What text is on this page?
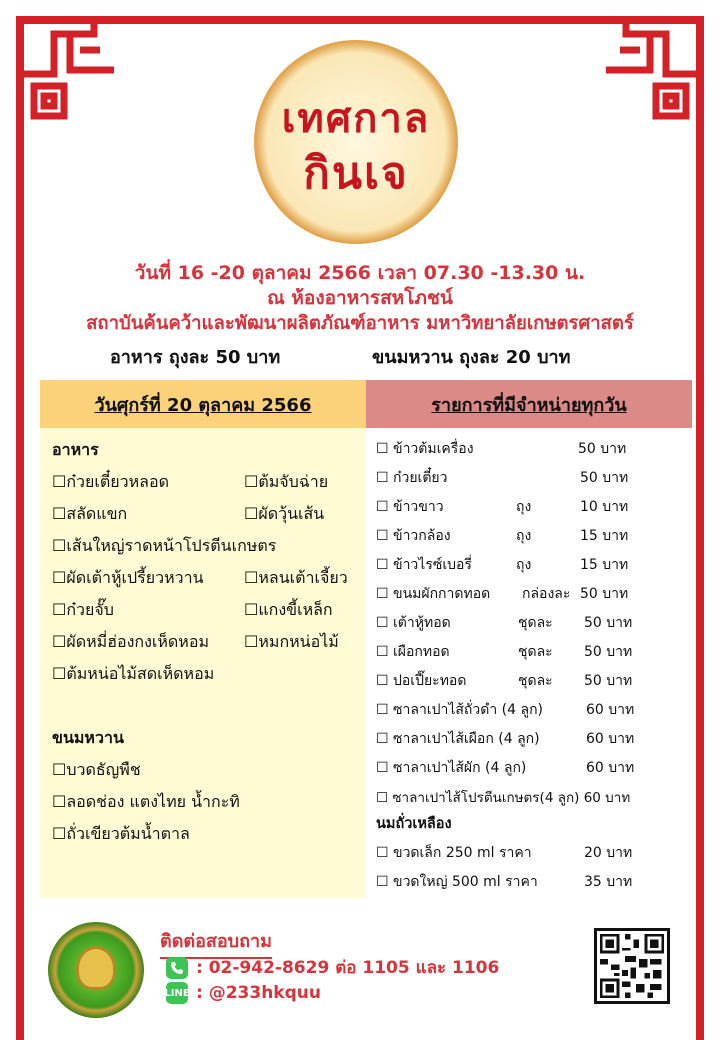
เทศกาล
กินเจ
วันที่ 16 -20 ตุลาคม 2566 เวลา 07.30 -13.30 น.
ณ ห้องอาหารสหโภชน์
สถาบันค้นคว้าและพัฒนาผลิตภัณฑ์อาหาร มหาวิทยาลัยเกษตรศาสตร์
อาหาร ถุงละ 50 บาท	ขนมหวาน ถุงละ 20 บาท
วันศุกร์ที่ 20 ตุลาคม 2566	รายการที่มีจำหน่ายทุกวัน
อาหาร
☐ก๋วยเตี๋ยวหลอด	☐ต้มจับฉ่าย
☐สลัดแขก	☐ผัดวุ้นเส้น
☐เส้นใหญ่ราดหน้าโปรตีนเกษตร
☐ผัดเต้าหู้เปรี้ยวหวาน	☐หลนเต้าเจี้ยว
☐ก๋วยจั๊บ	☐แกงขี้เหล็ก
☐ผัดหมี่ฮ่องกงเห็ดหอม ☐หมกหน่อไม้
☐ต้มหน่อไม้สดเห็ดหอม
ขนมหวาน
☐บวดธัญพืช
☐ลอดช่อง แตงไทย น้ำกะทิ
☐ถั่วเขียวต้มน้ำตาล
☐ ข้าวต้มเครื่อง	50 บาท
☐ ก๋วยเตี๋ยว	50 บาท
☐ ข้าวขาว	ถุง	10 บาท
☐ ข้าวกล้อง	ถุง	15 บาท
☐ ข้าวไรซ์เบอรี่	ถุง	15 บาท
☐ ขนมผักกาดทอด กล่องละ 50 บาท
☐ เต้าหู้ทอด	ชุดละ 50 บาท
☐ เผือกทอด	ชุดละ 50 บาท
☐ ปอเปี๊ยะทอด	ชุดละ 50 บาท
☐ ซาลาเปาไส้ถั่วดำ (4 ลูก)	60 บาท
☐ ซาลาเปาไส้เผือก (4 ลูก)	60 บาท
☐ ซาลาเปาไส้ผัก (4 ลูก)	60 บาท
☐ ซาลาเปาไส้โปรตีนเกษตร(4 ลูก) 60 บาท
นมถั่วเหลือง
☐ ขวดเล็ก 250 ml ราคา	20 บาท
☐ ขวดใหญ่ 500 ml ราคา	35 บาท
ติดต่อสอบถาม
: 02-942-8629 ต่อ 1105 และ 1106
LINE : @233hkquu
